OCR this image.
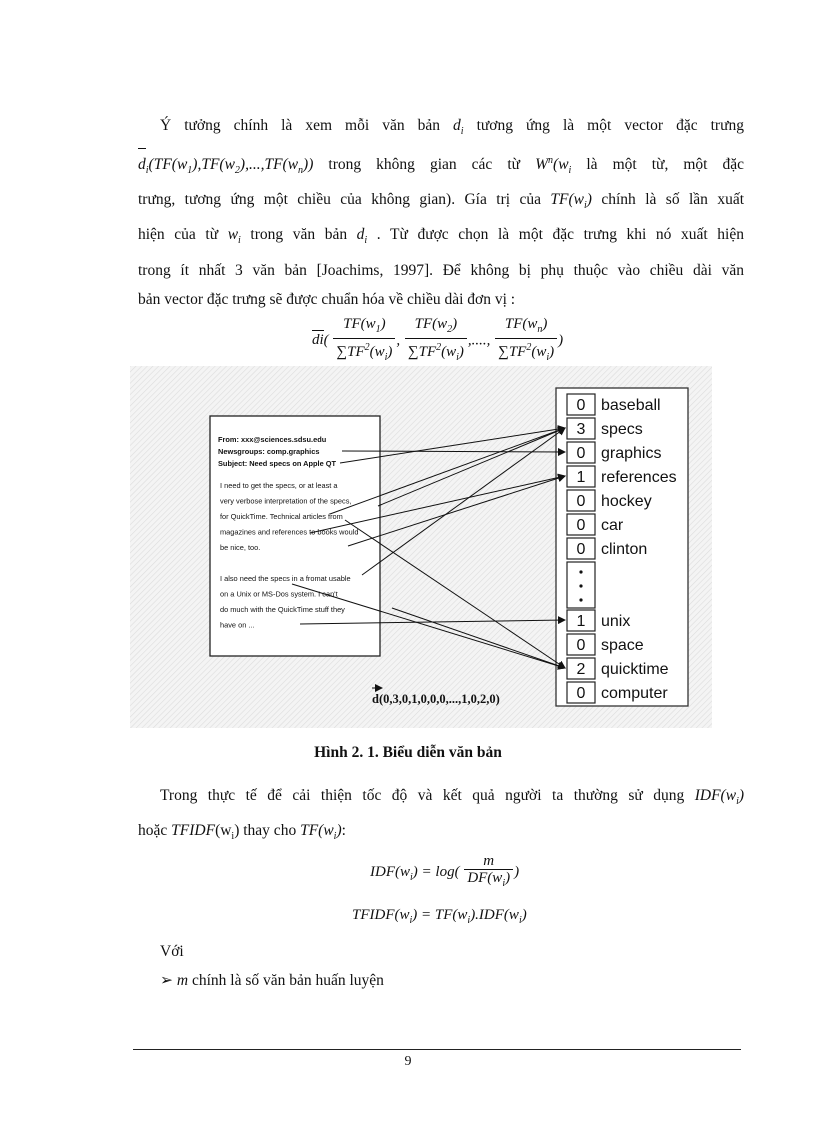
Ý tưởng chính là xem mỗi văn bản $d_i$ tương ứng là một vector đặc trưng
$d_i(TF(w_1),TF(w_2),...,TF(w_n))$ trong không gian các từ $W^n(w_i$ là một từ, một đặc
trưng, tương ứng một chiều của không gian). Gía trị của $TF(w_i)$ chính là số lần xuất
hiện của từ $w_i$ trong văn bản $d_i$ . Từ được chọn là một đặc trưng khi nó xuất hiện
trong ít nhất 3 văn bản [Joachims, 1997]. Để không bị phụ thuộc vào chiều dài văn
bản vector đặc trưng sẽ được chuẩn hóa về chiều dài đơn vị :
$di( \frac{TF(w_1)}{\sum TF^2(w_i)}$ , $\frac{TF(w_2)}{\sum TF^2(w_i)}$ ,...., $\frac{TF(w_n)}{\sum TF^2(w_i)}$ )
From: xxx@sciences.sdsu.edu
Newsgroups: comp.graphics
Subject: Need specs on Apple QT
I need to get the specs, or at least a
very verbose interpretation of the specs,
for QuickTime. Technical articles from
magazines and references to books would
be nice, too.
I also need the specs in a fromat usable
on a Unix or MS-Dos system. I can't
do much with the QuickTime stuff they
have on ...
0 baseball
3 specs
0 graphics
1 references
0 hockey
0 car
0 clinton
1 unix
0 space
2 quicktime
0 computer
d(0,3,0,1,0,0,0,...,1,0,2,0)
Hình 2. 1. Biểu diễn văn bản
Trong thực tế để cải thiện tốc độ và kết quả người ta thường sử dụng $IDF(w_i)$
hoặc $TFIDF(w_i)$ thay cho $TF(w_i)$:
$IDF(w_i) = \log( \frac{m}{DF(w_i)}$ )
$TFIDF(w_i) = TF(w_i).IDF(w_i)$
Với
➢ m chính là số văn bản huấn luyện
9
